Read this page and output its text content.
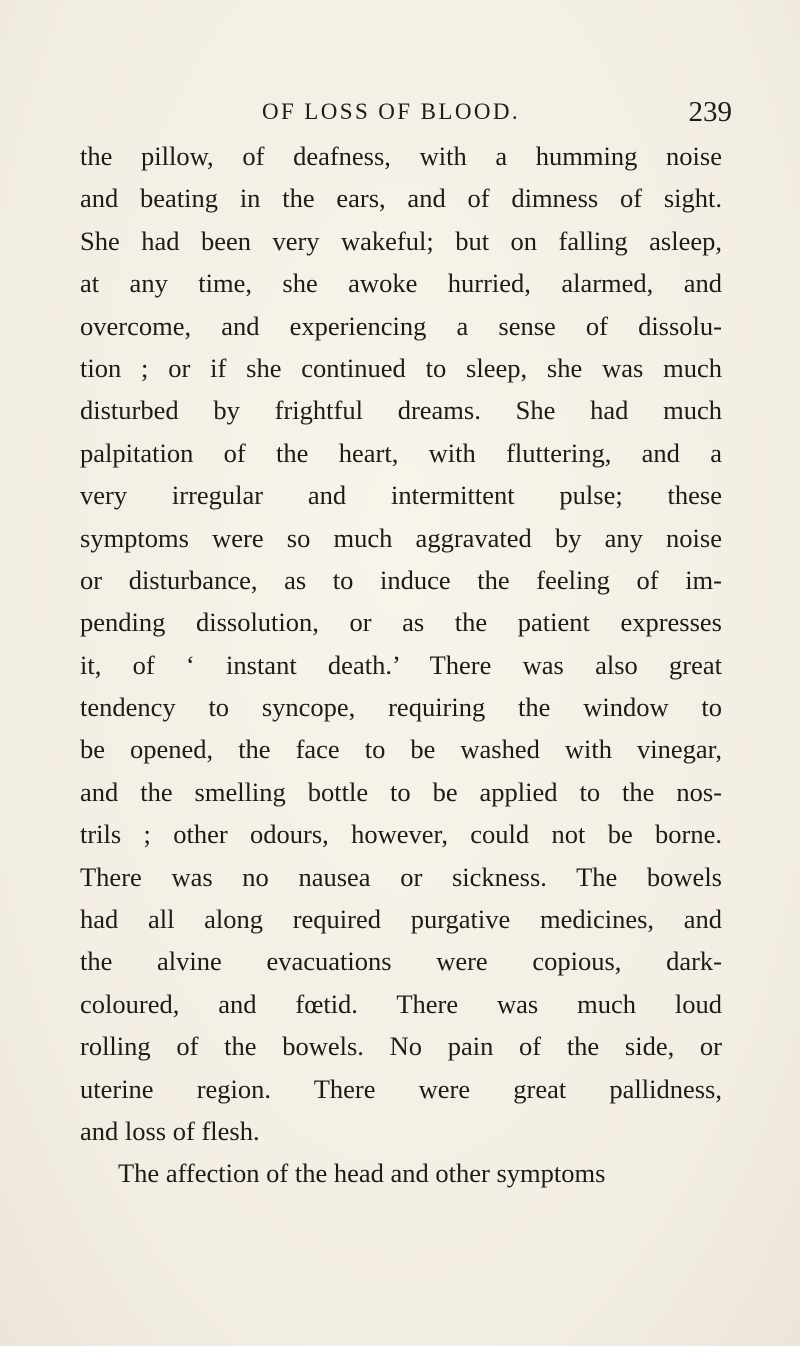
OF LOSS OF BLOOD.	239
the pillow, of deafness, with a humming noise
and beating in the ears, and of dimness of sight.
She had been very wakeful; but on falling asleep,
at any time, she awoke hurried, alarmed, and
overcome, and experiencing a sense of dissolu-
tion ; or if she continued to sleep, she was much
disturbed by frightful dreams. She had much
palpitation of the heart, with fluttering, and a
very irregular and intermittent pulse; these
symptoms were so much aggravated by any noise
or disturbance, as to induce the feeling of im-
pending dissolution, or as the patient expresses
it, of ‘ instant death.’ There was also great
tendency to syncope, requiring the window to
be opened, the face to be washed with vinegar,
and the smelling bottle to be applied to the nos-
trils ; other odours, however, could not be borne.
There was no nausea or sickness. The bowels
had all along required purgative medicines, and
the alvine evacuations were copious, dark-
coloured, and fœtid. There was much loud
rolling of the bowels. No pain of the side, or
uterine region. There were great pallidness,
and loss of flesh.
The affection of the head and other symptoms
